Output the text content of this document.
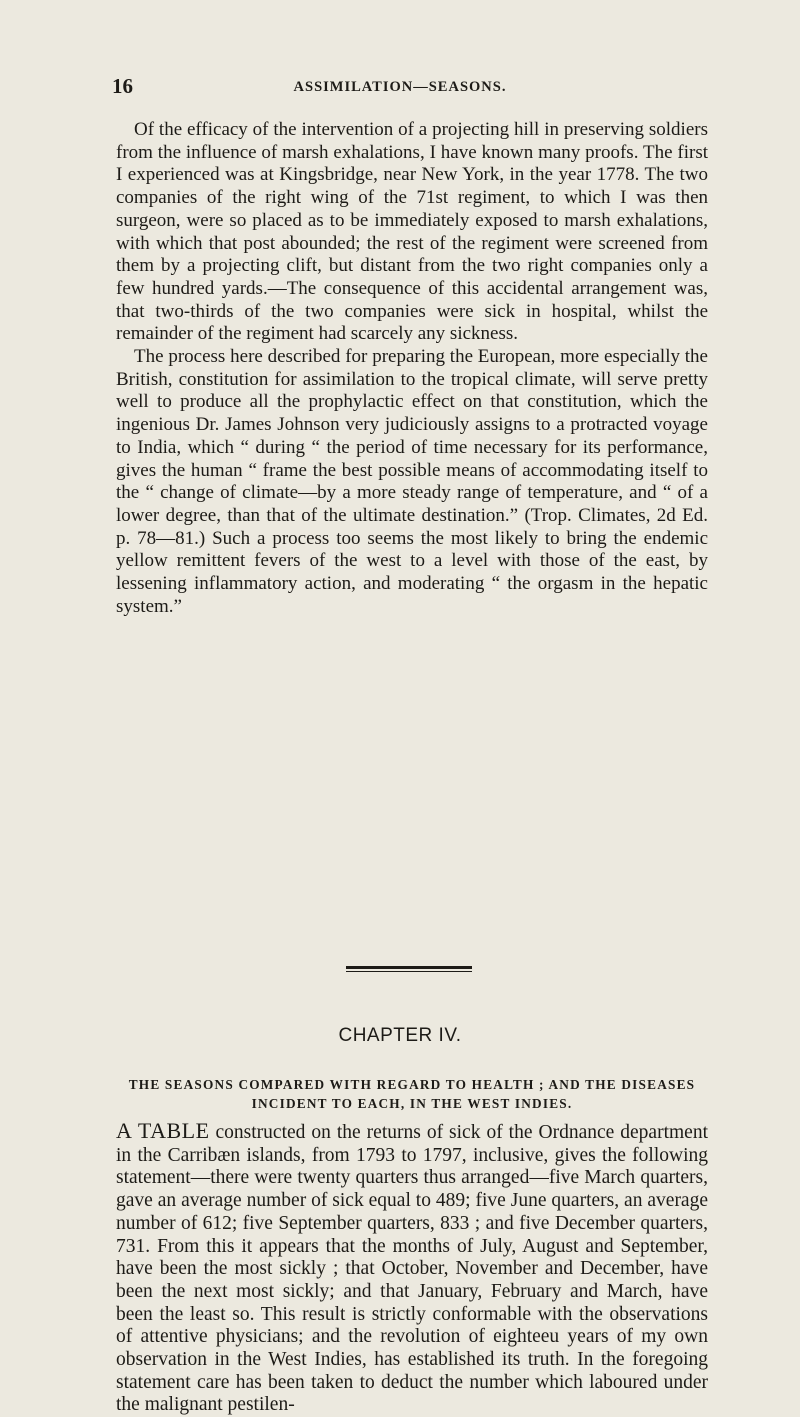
16	ASSIMILATION—SEASONS.

Of the efficacy of the intervention of a projecting hill in preserving soldiers from the influence of marsh exhalations, I have known many proofs. The first I experienced was at Kingsbridge, near New York, in the year 1778. The two companies of the right wing of the 71st regiment, to which I was then surgeon, were so placed as to be immediately exposed to marsh exhalations, with which that post abounded; the rest of the regiment were screened from them by a projecting clift, but distant from the two right companies only a few hundred yards.—The consequence of this accidental arrangement was, that two-thirds of the two companies were sick in hospital, whilst the remainder of the regiment had scarcely any sickness.

The process here described for preparing the European, more especially the British, constitution for assimilation to the tropical climate, will serve pretty well to produce all the prophylactic effect on that constitution, which the ingenious Dr. James Johnson very judiciously assigns to a protracted voyage to India, which “ during “ the period of time necessary for its performance, gives the human “ frame the best possible means of accommodating itself to the “ change of climate—by a more steady range of temperature, and “ of a lower degree, than that of the ultimate destination.” (Trop. Climates, 2d Ed. p. 78—81.) Such a process too seems the most likely to bring the endemic yellow remittent fevers of the west to a level with those of the east, by lessening inflammatory action, and moderating “ the orgasm in the hepatic system.”

CHAPTER IV.
THE SEASONS COMPARED WITH REGARD TO HEALTH ; AND THE DISEASES INCIDENT TO EACH, IN THE WEST INDIES.

A TABLE constructed on the returns of sick of the Ordnance department in the Carribæn islands, from 1793 to 1797, inclusive, gives the following statement—there were twenty quarters thus arranged—five March quarters, gave an average number of sick equal to 489; five June quarters, an average number of 612; five September quarters, 833 ; and five December quarters, 731. From this it appears that the months of July, August and September, have been the most sickly ; that October, November and December, have been the next most sickly; and that January, February and March, have been the least so. This result is strictly conformable with the observations of attentive physicians; and the revolution of eighteeu years of my own observation in the West Indies, has established its truth. In the foregoing statement care has been taken to deduct the number which laboured under the malignant pestilen-
